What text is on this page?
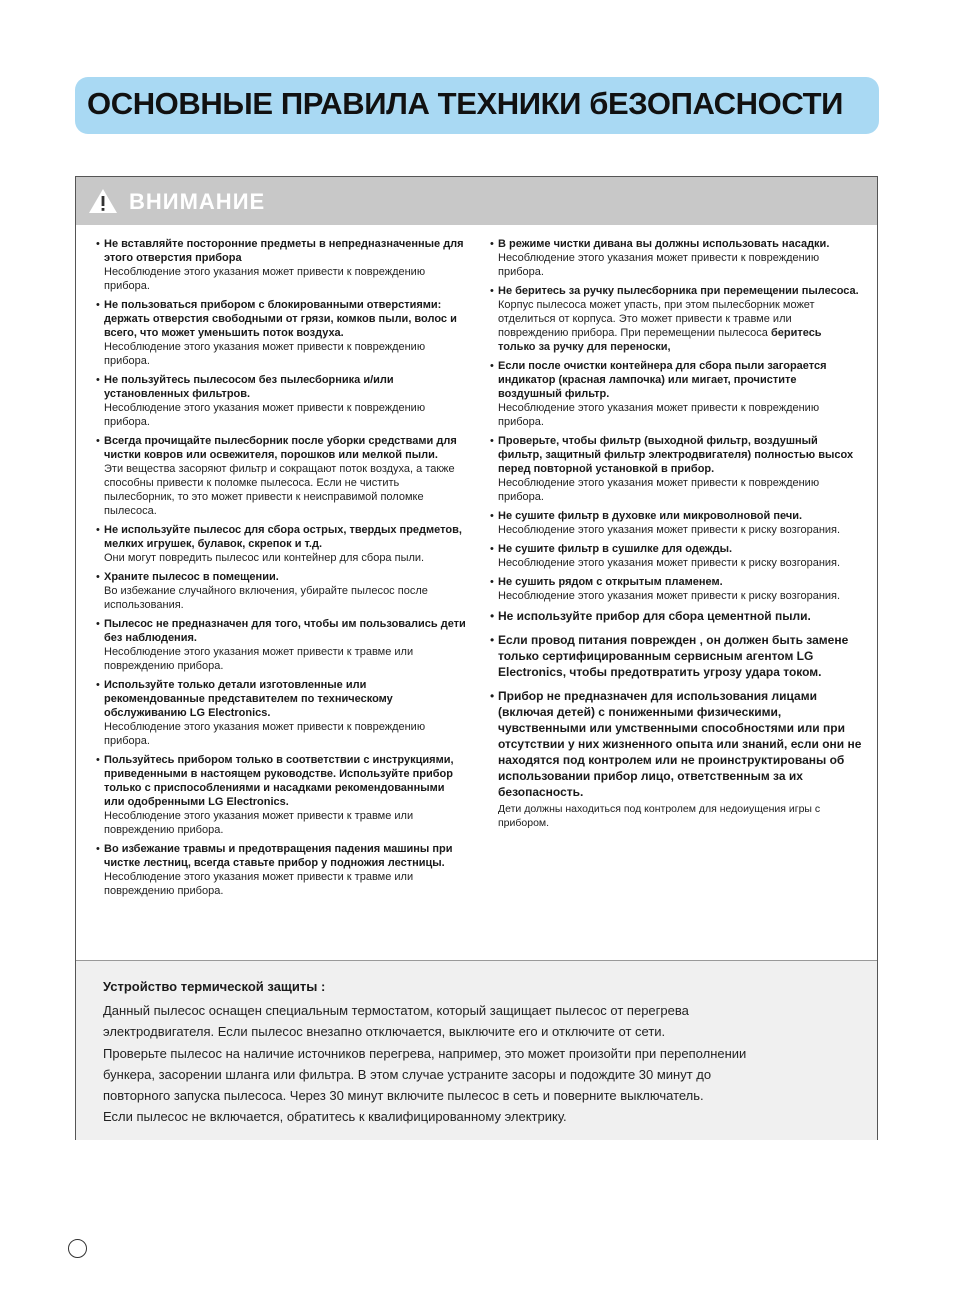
ОСНОВНЫЕ ПРАВИЛА ТЕХНИКИ бЕЗОПАСНОСТИ
ВНИМАНИЕ
• Не вставляйте посторонние предметы в непредназначенные для этого отверстия прибора
Несоблюдение этого указания может привести к повреждению прибора.
• Не пользоваться прибором с блокированными отверстиями: держать отверстия свободными от грязи, комков пыли, волос и всего, что может уменьшить поток воздуха.
Несоблюдение этого указания может привести к повреждению прибора.
• Не пользуйтесь пылесосом без пылесборника и/или установленных фильтров.
Несоблюдение этого указания может привести к повреждению прибора.
• Всегда прочищайте пылесборник после уборки средствами для чистки ковров или освежителя, порошков или мелкой пыли.
Эти вещества засоряют фильтр и сокращают поток воздуха, а также способны привести к поломке пылесоса. Если не чистить пылесборник, то это может привести к неисправимой поломке пылесоса.
• Не используйте пылесос для сбора острых, твердых предметов, мелких игрушек, булавок, скрепок и т.д.
Они могут повредить пылесос или контейнер для сбора пыли.
• Храните пылесос в помещении.
Во избежание случайного включения, убирайте пылесос после использования.
• Пылесос не предназначен для того, чтобы им пользовались дети без наблюдения.
Несоблюдение этого указания может привести к травме или повреждению прибора.
• Используйте только детали изготовленные или рекомендованные представителем по техническому обслуживанию LG Electronics.
Несоблюдение этого указания может привести к повреждению прибора.
• Пользуйтесь прибором только в соответствии с инструкциями, приведенными в настоящем руководстве. Используйте прибор только с приспособлениями и насадками рекомендованными или одобренными LG Electronics.
Несоблюдение этого указания может привести к травме или повреждению прибора.
• Во избежание травмы и предотвращения падения машины при чистке лестниц, всегда ставьте прибор у подножия лестницы.
Несоблюдение этого указания может привести к травме или повреждению прибора.
• В режиме чистки дивана вы должны использовать насадки.
Несоблюдение этого указания может привести к повреждению прибора.
• Не беритесь за ручку пылесборника при перемещении пылесоса.
Корпус пылесоса может упасть, при этом пылесборник может отделиться от корпуса. Это может привести к травме или повреждению прибора. При перемещении пылесоса беритесь только за ручку для переноски,
• Если после очистки контейнера для сбора пыли загорается индикатор (красная лампочка) или мигает, прочистите воздушный фильтр.
Несоблюдение этого указания может привести к повреждению прибора.
• Проверьте, чтобы фильтр (выходной фильтр, воздушный фильтр, защитный фильтр электродвигателя) полностью высох перед повторной установкой в прибор.
Несоблюдение этого указания может привести к повреждению прибора.
• Не сушите фильтр в духовке или микроволновой печи.
Несоблюдение этого указания может привести к риску возгорания.
• Не сушите фильтр в сушилке для одежды.
Несоблюдение этого указания может привести к риску возгорания.
• Не сушить рядом с открытым пламенем.
Несоблюдение этого указания может привести к риску возгорания.
• Не используйте прибор для сбора цементной пыли.
• Если провод питания поврежден , он должен быть замене только сертифицированным сервисным агентом LG Electronics, чтобы предотвратить угрозу удара током.
• Прибор не предназначен для использования лицами (включая детей) с пониженными физическими, чувственными или умственными способностями или при отсутствии у них жизненного опыта или знаний, если они не находятся под контролем или не проинструктированы об использовании прибор лицо, ответственным за их безопасность.
Дети должны находиться под контролем для недоиущения игры с прибором.
Устройство термической защиты :
Данный пылесос оснащен специальным термостатом, который защищает пылесос от перегрева
электродвигателя. Если пылесос внезапно отключается, выключите его и отключите от сети.
Проверьте пылесос на наличие источников перегрева, например, это может произойти при переполнении
бункера, засорении шланга или фильтра. В этом случае устраните засоры и подождите 30 минут до
повторного запуска пылесоса. Через 30 минут включите пылесос в сеть и поверните выключатель.
Если пылесос не включается, обратитесь к квалифицированному электрику.
